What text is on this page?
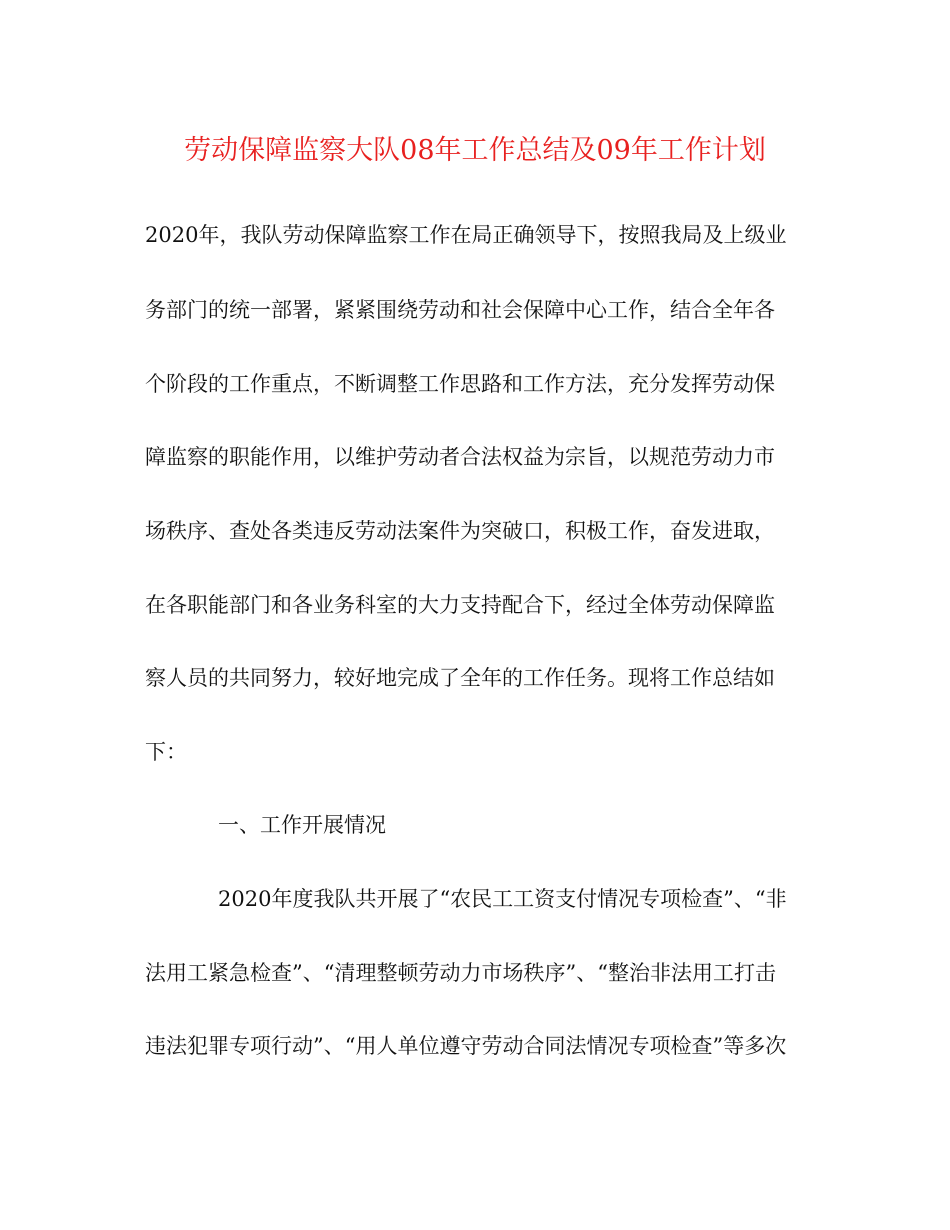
劳动保障监察大队08年工作总结及09年工作计划
2020年，我队劳动保障监察工作在局正确领导下，按照我局及上级业
务部门的统一部署，紧紧围绕劳动和社会保障中心工作，结合全年各
个阶段的工作重点，不断调整工作思路和工作方法，充分发挥劳动保
障监察的职能作用，以维护劳动者合法权益为宗旨，以规范劳动力市
场秩序、查处各类违反劳动法案件为突破口，积极工作，奋发进取，
在各职能部门和各业务科室的大力支持配合下，经过全体劳动保障监
察人员的共同努力，较好地完成了全年的工作任务。现将工作总结如
下：
一、工作开展情况
2020年度我队共开展了“农民工工资支付情况专项检查”、“非
法用工紧急检查”、“清理整顿劳动力市场秩序”、“整治非法用工打击
违法犯罪专项行动”、“用人单位遵守劳动合同法情况专项检查”等多次
